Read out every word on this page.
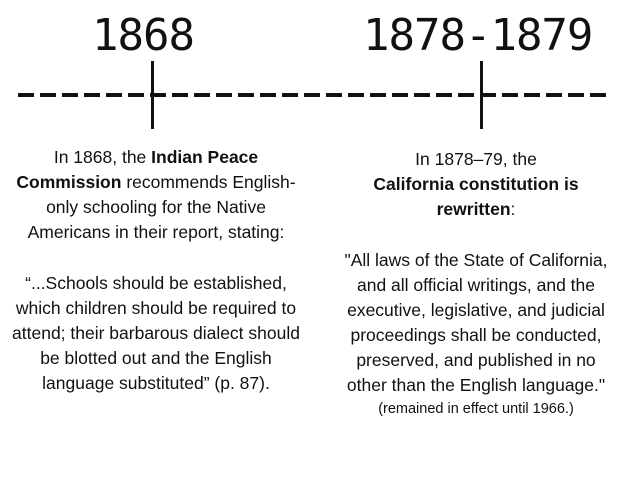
1868	1878-1879

In 1868, the Indian Peace Commission recommends English-only schooling for the Native Americans in their report, stating:

“...Schools should be established, which children should be required to attend; their barbarous dialect should be blotted out and the English language substituted” (p. 87).

In 1878–79, the
California constitution is rewritten:

"All laws of the State of California, and all official writings, and the executive, legislative, and judicial proceedings shall be conducted, preserved, and published in no other than the English language."

(remained in effect until 1966.)
